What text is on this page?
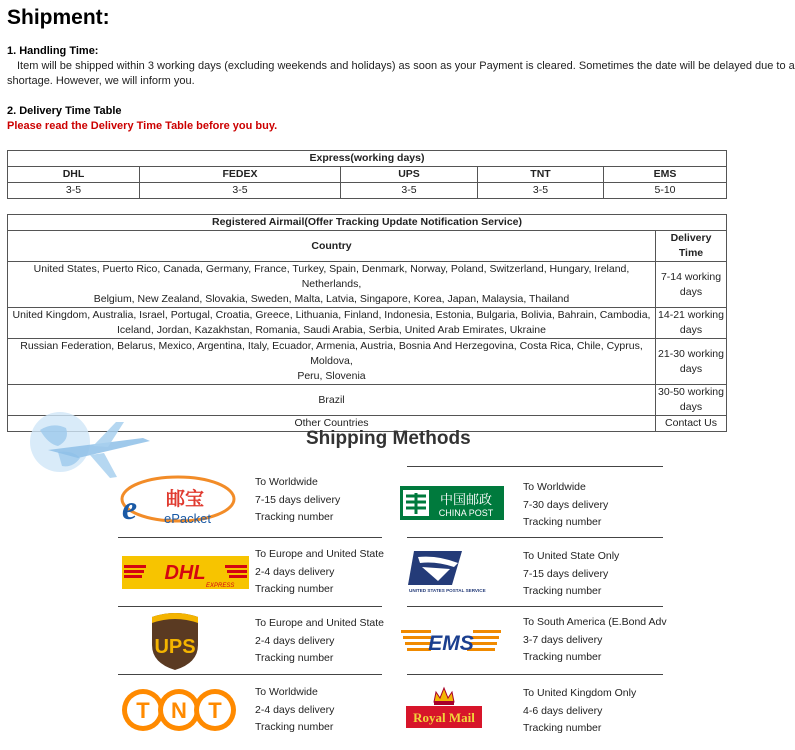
Shipment:
1. Handling Time:
Item will be shipped within 3 working days (excluding weekends and holidays) as soon as your Payment is cleared. Sometimes the date will be delayed due to a
shortage. However, we will inform you.
2. Delivery Time Table
Please read the Delivery Time Table before you buy.
Express(working days)				
DHL	FEDEX	UPS	TNT	EMS
3-5	3-5	3-5	3-5	5-10
Registered Airmail(Offer Tracking Update Notification Service)	
Country	Delivery Time
United States, Puerto Rico, Canada, Germany, France, Turkey, Spain, Denmark, Norway, Poland, Switzerland, Hungary, Ireland, Netherlands,
Belgium, New Zealand, Slovakia, Sweden, Malta, Latvia, Singapore, Korea, Japan, Malaysia, Thailand	7-14 working
days
United Kingdom, Australia, Israel, Portugal, Croatia, Greece, Lithuania, Finland, Indonesia, Estonia, Bulgaria, Bolivia, Bahrain, Cambodia,
Iceland, Jordan, Kazakhstan, Romania, Saudi Arabia, Serbia, United Arab Emirates, Ukraine	14-21 working
days
Russian Federation, Belarus, Mexico, Argentina, Italy, Ecuador, Armenia, Austria, Bosnia And Herzegovina, Costa Rica, Chile, Cyprus, Moldova,
Peru, Slovenia	21-30 working
days
Brazil	30-50 working
days
Other Countries	Contact Us
Shipping Methods
e 邮宝
ePacket
To Worldwide
7-15 days delivery
Tracking number
DHL
EXPRESS
To Europe and United State
2-4 days delivery
Tracking number
UPS
To Europe and United State
2-4 days delivery
Tracking number
T N T
To Worldwide
2-4 days delivery
Tracking number
中国邮政
CHINA POST
To Worldwide
7-30 days delivery
Tracking number
UNITED STATES POSTAL SERVICE
To United State Only
7-15 days delivery
Tracking number
EMS
To South America (E.Bond Adv
3-7 days delivery
Tracking number
Royal Mail
To United Kingdom Only
4-6 days delivery
Tracking number
